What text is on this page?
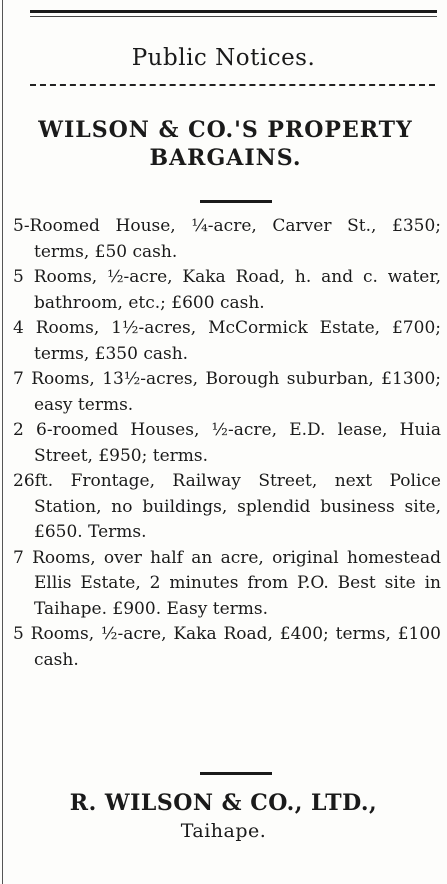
Public Notices.
WILSON & CO.'S PROPERTY
BARGAINS.

5-Roomed House, ¼-acre, Carver St., £350; terms, £50 cash.

5 Rooms, ½-acre, Kaka Road, h. and c. water, bathroom, etc.; £600 cash.

4 Rooms, 1½-acres, McCormick Estate, £700; terms, £350 cash.

7 Rooms, 13½-acres, Borough suburban, £1300; easy terms.

2 6-roomed Houses, ½-acre, E.D. lease, Huia Street, £950; terms.

26ft. Frontage, Railway Street, next Police Station, no buildings, splendid business site, £650. Terms.

7 Rooms, over half an acre, original homestead Ellis Estate, 2 minutes from P.O. Best site in Taihape. £900. Easy terms.

5 Rooms, ½-acre, Kaka Road, £400; terms, £100 cash.

R. WILSON & CO., LTD.,
Taihape.
